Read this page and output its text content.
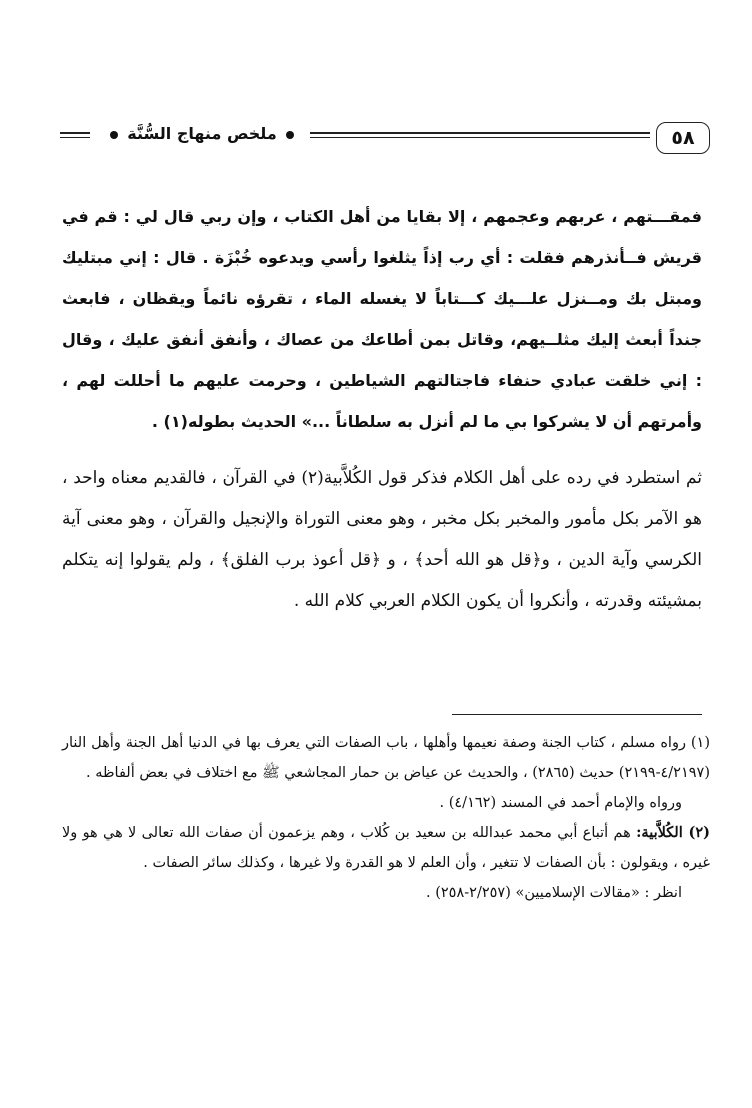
ملخص منهاج السُّنَّة	٥٨
فمقـــتهم ، عربهم وعجمهم ، إلا بقايا من أهل الكتاب ، وإن ربي قال لي : قم في قريش فــأنذرهم فقلت : أي رب إذاً يثلغوا رأسي ويدعوه خُبْزَة . قال : إني مبتليك ومبتل بك ومــنزل علـــيك كـــتاباً لا يغسله الماء ، تقرؤه نائماً ويقظان ، فابعث جنداً أبعث إليك مثلــيهم، وقاتل بمن أطاعك من عصاك ، وأنفق أنفق عليك ، وقال : إني خلقت عبادي حنفاء فاجتالتهم الشياطين ، وحرمت عليهم ما أحللت لهم ، وأمرتهم أن لا يشركوا بي ما لم أنزل به سلطاناً ...» الحديث بطوله(١) .
ثم استطرد في رده على أهل الكلام فذكر قول الكُلاَّبية(٢) في القرآن ، فالقديم معناه واحد ، هو الآمر بكل مأمور والمخبر بكل مخبر ، وهو معنى التوراة والإنجيل والقرآن ، وهو معنى آية الكرسي وآية الدين ، و﴿قل هو الله أحد﴾ ، و ﴿قل أعوذ برب الفلق﴾ ، ولم يقولوا إنه يتكلم بمشيئته وقدرته ، وأنكروا أن يكون الكلام العربي كلام الله .

(١) رواه مسلم ، كتاب الجنة وصفة نعيمها وأهلها ، باب الصفات التي يعرف بها في الدنيا أهل الجنة وأهل النار (٤/٢١٩٧-٢١٩٩) حديث (٢٨٦٥) ، والحديث عن عياض بن حمار المجاشعي ﷺ مع اختلاف في بعض ألفاظه .

ورواه والإمام أحمد في المسند (٤/١٦٢) .

(٢) الكُلاَّبية: هم أتباع أبي محمد عبدالله بن سعيد بن كُلاب ، وهم يزعمون أن صفات الله تعالى لا هي هو ولا غيره ، ويقولون : بأن الصفات لا تتغير ، وأن العلم لا هو القدرة ولا غيرها ، وكذلك سائر الصفات .

انظر : «مقالات الإسلاميين» (٢/٢٥٧-٢٥٨) .
